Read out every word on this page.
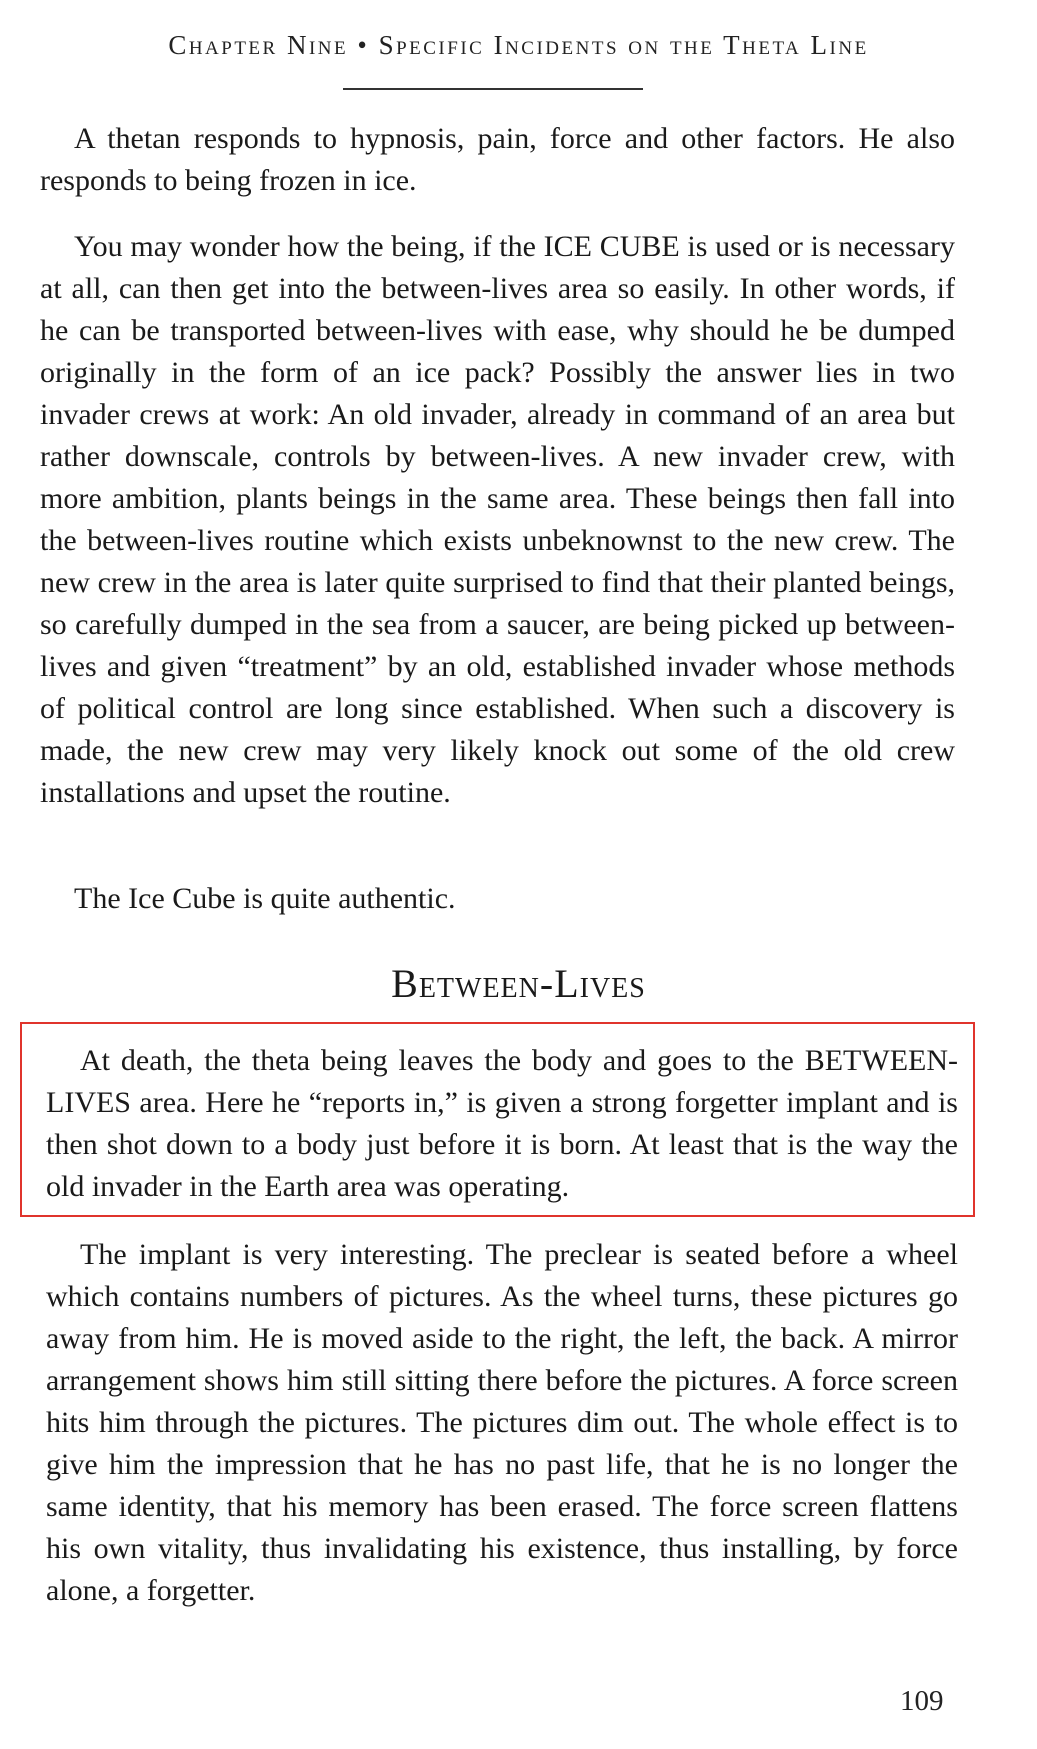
Chapter Nine • Specific Incidents on the Theta Line

A thetan responds to hypnosis, pain, force and other factors. He also responds to being frozen in ice.

You may wonder how the being, if the ICE CUBE is used or is necessary at all, can then get into the between-lives area so easily. In other words, if he can be transported between-lives with ease, why should he be dumped originally in the form of an ice pack? Possibly the answer lies in two invader crews at work: An old invader, already in command of an area but rather downscale, controls by between-lives. A new invader crew, with more ambition, plants beings in the same area. These beings then fall into the between-lives routine which exists unbeknownst to the new crew. The new crew in the area is later quite surprised to find that their planted beings, so carefully dumped in the sea from a saucer, are being picked up between-lives and given “treatment” by an old, established invader whose methods of political control are long since established. When such a discovery is made, the new crew may very likely knock out some of the old crew installations and upset the routine.

The Ice Cube is quite authentic.

Between-Lives

At death, the theta being leaves the body and goes to the BETWEEN-LIVES area. Here he “reports in,” is given a strong forgetter implant and is then shot down to a body just before it is born. At least that is the way the old invader in the Earth area was operating.

The implant is very interesting. The preclear is seated before a wheel which contains numbers of pictures. As the wheel turns, these pictures go away from him. He is moved aside to the right, the left, the back. A mirror arrangement shows him still sitting there before the pictures. A force screen hits him through the pictures. The pictures dim out. The whole effect is to give him the impression that he has no past life, that he is no longer the same identity, that his memory has been erased. The force screen flattens his own vitality, thus invalidating his existence, thus installing, by force alone, a forgetter.

109
